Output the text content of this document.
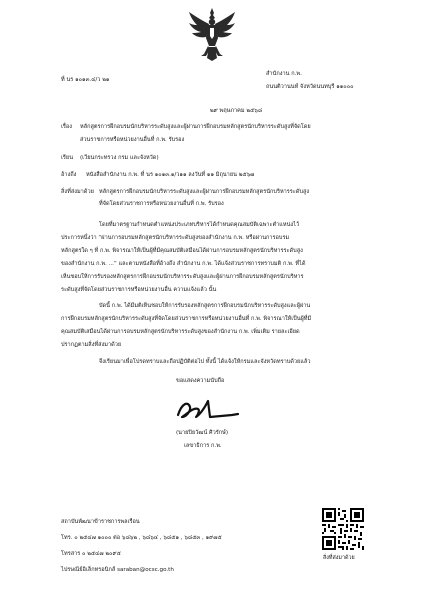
ที่ นร ๑๐๑๓.๔/ว ๒๑
สำนักงาน ก.พ.
ถนนติวานนท์ จังหวัดนนทบุรี ๑๑๐๐๐
๒๙ พฤษภาคม ๒๕๖๘
เรื่อง หลักสูตรการฝึกอบรมนักบริหารระดับสูงและผู้ผ่านการฝึกอบรมหลักสูตรนักบริหารระดับสูงที่จัดโดย
ส่วนราชการหรือหน่วยงานอื่นที่ ก.พ. รับรอง
เรียน (เวียนกระทรวง กรม และจังหวัด)
อ้างถึง หนังสือสำนักงาน ก.พ. ที่ นร ๑๐๑๓.๑/ว๑๑ ลงวันที่ ๑๑ มิถุนายน ๒๕๖๗
สิ่งที่ส่งมาด้วย หลักสูตรการฝึกอบรมนักบริหารระดับสูงและผู้ผ่านการฝึกอบรมหลักสูตรนักบริหารระดับสูง
ที่จัดโดยส่วนราชการหรือหน่วยงานอื่นที่ ก.พ. รับรอง
โดยที่มาตรฐานกำหนดตำแหน่งประเภทบริหารได้กำหนดคุณสมบัติเฉพาะตำแหน่งไว้
ประการหนึ่งว่า “ผ่านการอบรมหลักสูตรนักบริหารระดับสูงของสำนักงาน ก.พ. หรือผ่านการอบรม
หลักสูตรใด ๆ ที่ ก.พ. พิจารณาให้เป็นผู้ที่มีคุณสมบัติเสมือนได้ผ่านการอบรมหลักสูตรนักบริหารระดับสูง
ของสำนักงาน ก.พ. ...” และตามหนังสือที่อ้างถึง สำนักงาน ก.พ. ได้แจ้งส่วนราชการทราบมติ ก.พ. ที่ได้
เห็นชอบให้การรับรองหลักสูตรการฝึกอบรมนักบริหารระดับสูงและผู้ผ่านการฝึกอบรมหลักสูตรนักบริหาร
ระดับสูงที่จัดโดยส่วนราชการหรือหน่วยงานอื่น ความแจ้งแล้ว นั้น
บัดนี้ ก.พ. ได้มีมติเห็นชอบให้การรับรองหลักสูตรการฝึกอบรมนักบริหารระดับสูงและผู้ผ่าน
การฝึกอบรมหลักสูตรนักบริหารระดับสูงที่จัดโดยส่วนราชการหรือหน่วยงานอื่นที่ ก.พ. พิจารณาให้เป็นผู้ที่มี
คุณสมบัติเสมือนได้ผ่านการอบรมหลักสูตรนักบริหารระดับสูงของสำนักงาน ก.พ. เพิ่มเติม รายละเอียด
ปรากฏตามสิ่งที่ส่งมาด้วย
จึงเรียนมาเพื่อโปรดทราบและถือปฏิบัติต่อไป ทั้งนี้ ได้แจ้งให้กรมและจังหวัดทราบด้วยแล้ว
ขอแสดงความนับถือ
(นายปิยวัฒน์ ศิวรักษ์)
เลขาธิการ ก.พ.
สถาบันพัฒนาข้าราชการพลเรือน
โทร. ๐ ๒๕๔๗ ๑๐๐๐ ต่อ ๖๘๖๒ , ๖๘๖๔ , ๖๘๕๑ , ๖๘๕๓ , ๑๙๗๕
โทรสาร ๐ ๒๕๔๗ ๒๐๙๕
ไปรษณีย์อิเล็กทรอนิกส์ saraban@ocsc.go.th
สิ่งที่ส่งมาด้วย
